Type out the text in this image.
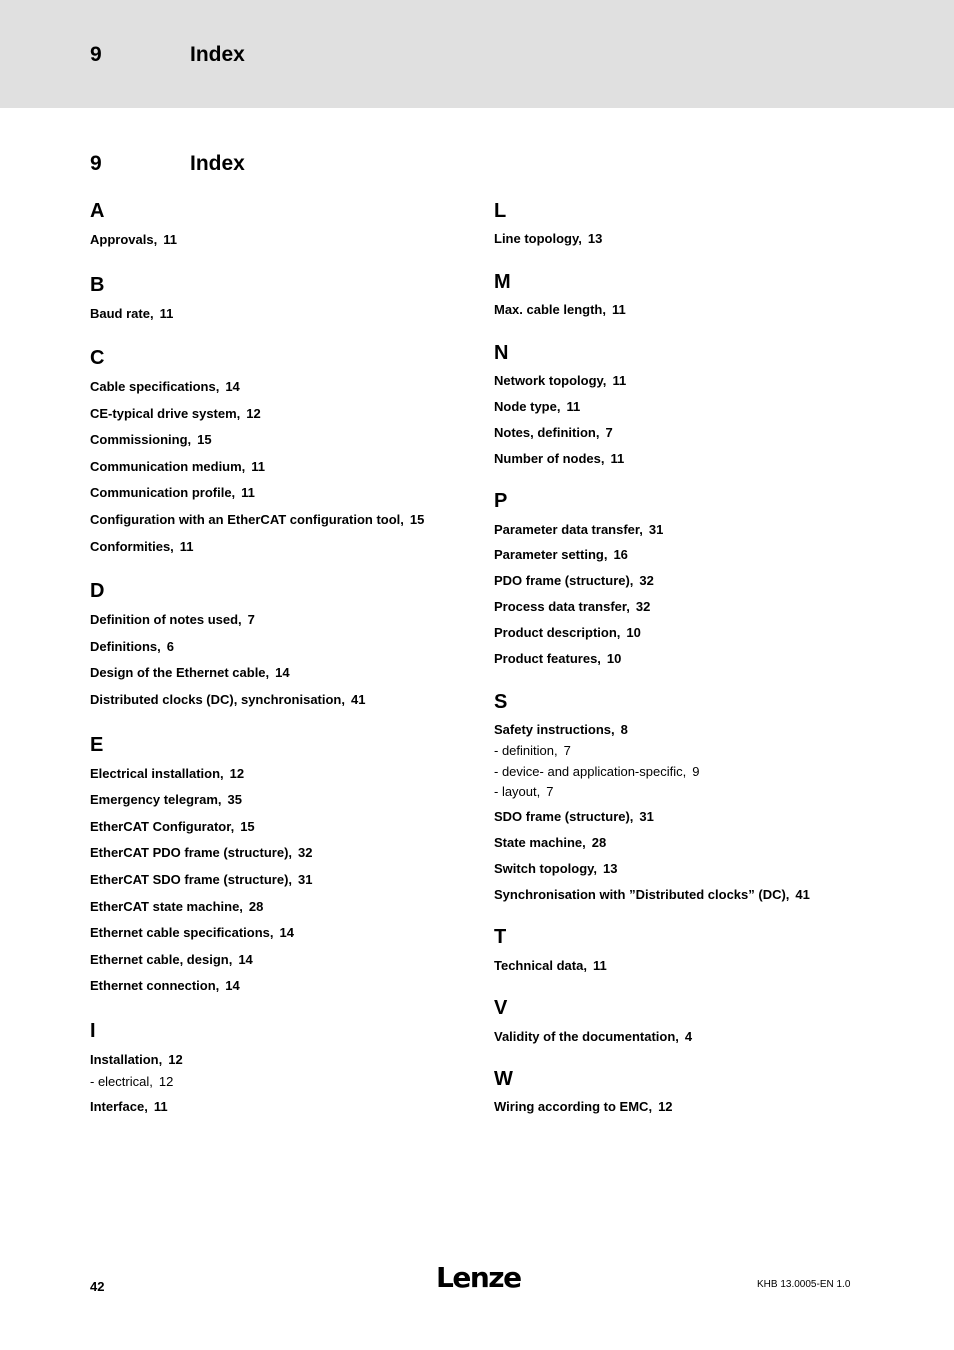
9	Index
9	Index
42	Lenze	KHB 13.0005-EN 1.0
A
Approvals, 11
B
Baud rate, 11
C
Cable specifications, 14
CE-typical drive system, 12
Commissioning, 15
Communication medium, 11
Communication profile, 11
Configuration with an EtherCAT configuration tool, 15
Conformities, 11
D
Definition of notes used, 7
Definitions, 6
Design of the Ethernet cable, 14
Distributed clocks (DC), synchronisation, 41
E
Electrical installation, 12
Emergency telegram, 35
EtherCAT Configurator, 15
EtherCAT PDO frame (structure), 32
EtherCAT SDO frame (structure), 31
EtherCAT state machine, 28
Ethernet cable specifications, 14
Ethernet cable, design, 14
Ethernet connection, 14
I
Installation, 12
- electrical, 12
Interface, 11
L
Line topology, 13
M
Max. cable length, 11
N
Network topology, 11
Node type, 11
Notes, definition, 7
Number of nodes, 11
P
Parameter data transfer, 31
Parameter setting, 16
PDO frame (structure), 32
Process data transfer, 32
Product description, 10
Product features, 10
S
Safety instructions, 8
- definition, 7
- device- and application-specific, 9
- layout, 7
SDO frame (structure), 31
State machine, 28
Switch topology, 13
Synchronisation with ”Distributed clocks” (DC), 41
T
Technical data, 11
V
Validity of the documentation, 4
W
Wiring according to EMC, 12
